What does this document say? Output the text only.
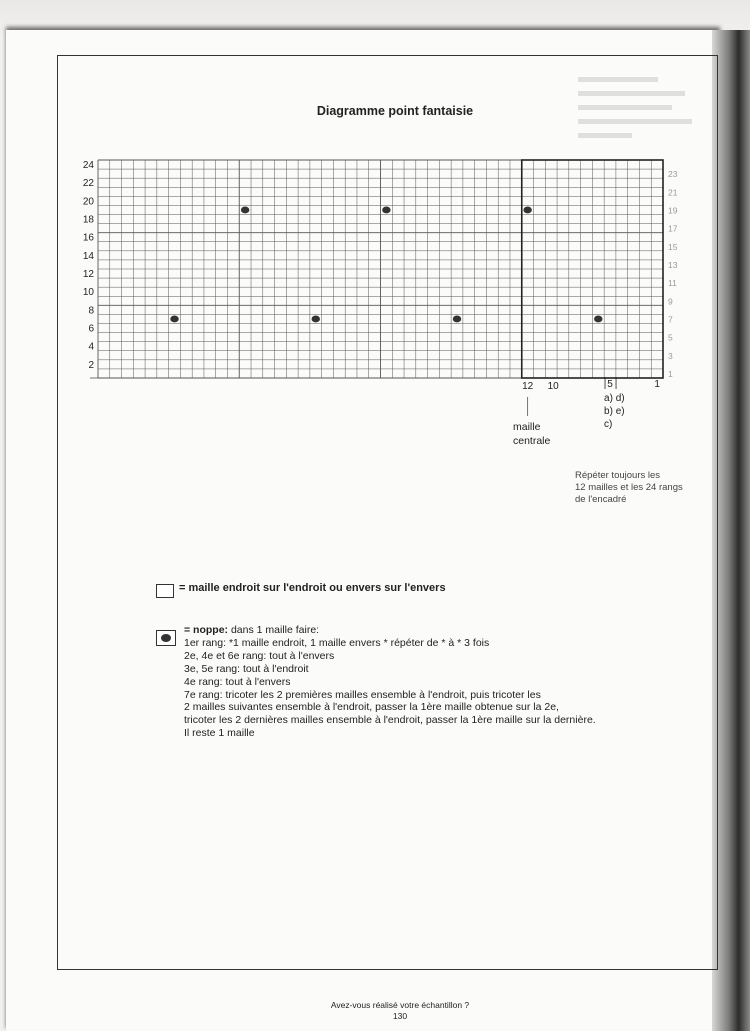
Diagramme point fantaisie
24
22
20
18
16
14
12
10
8
6
4
2
23
21
19
17
15
13
11
9
7
5
3
1
12 10	5	1
a) d)
b) e)
c)
maille
centrale
Répéter toujours les
12 mailles et les 24 rangs
de l'encadré
= maille endroit sur l'endroit ou envers sur l'envers
= noppe: dans 1 maille faire:
1er rang: *1 maille endroit, 1 maille envers * répéter de * à * 3 fois
2e, 4e et 6e rang: tout à l'envers
3e, 5e rang: tout à l'endroit
4e rang: tout à l'envers
7e rang: tricoter les 2 premières mailles ensemble à l'endroit, puis tricoter les
2 mailles suivantes ensemble à l'endroit, passer la 1ère maille obtenue sur la 2e,
tricoter les 2 dernières mailles ensemble à l'endroit, passer la 1ère maille sur la dernière.
Il reste 1 maille
Avez-vous réalisé votre échantillon ?
130
